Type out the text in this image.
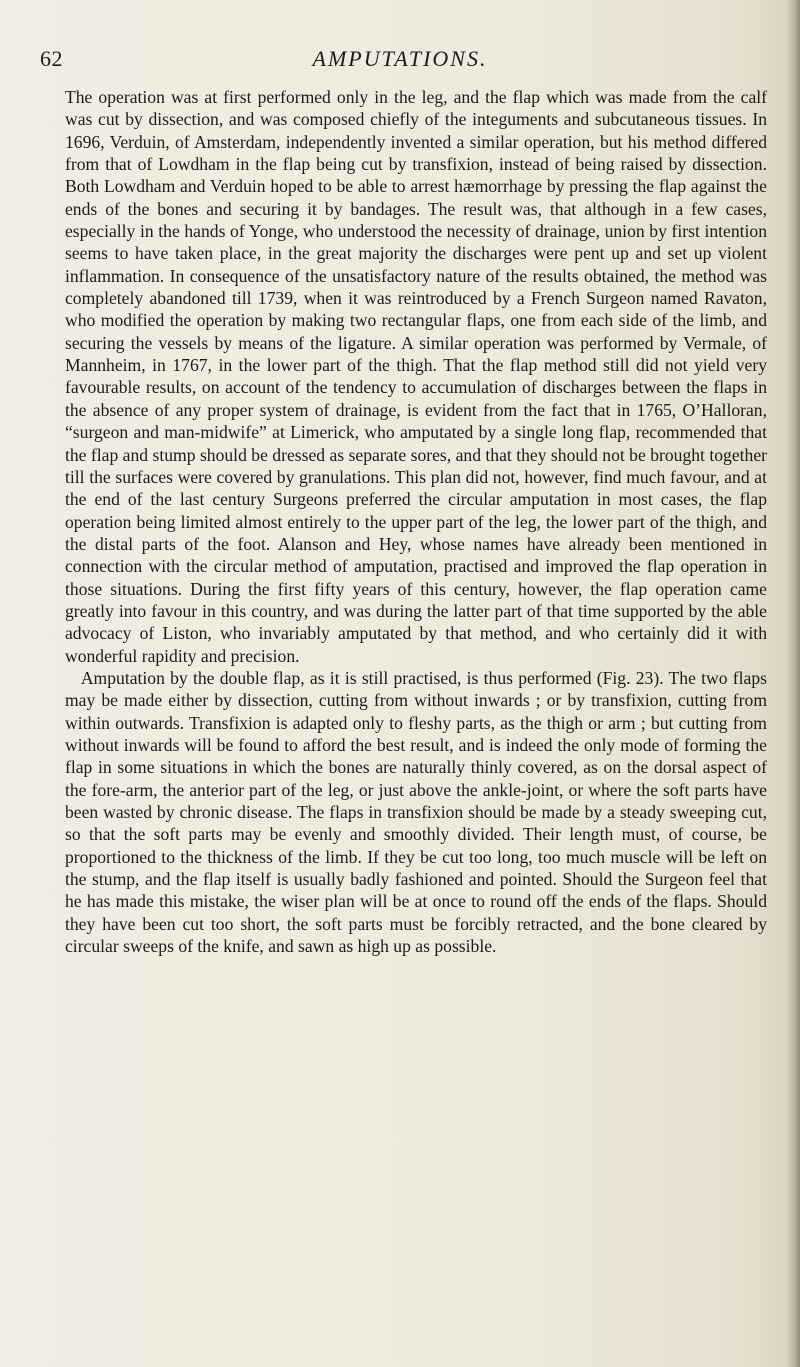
62	AMPUTATIONS.

The operation was at first performed only in the leg, and the flap which was made from the calf was cut by dissection, and was composed chiefly of the integuments and subcutaneous tissues. In 1696, Verduin, of Amsterdam, independently invented a similar operation, but his method differed from that of Lowdham in the flap being cut by transfixion, instead of being raised by dissection. Both Lowdham and Verduin hoped to be able to arrest hæmorrhage by pressing the flap against the ends of the bones and securing it by bandages. The result was, that although in a few cases, especially in the hands of Yonge, who understood the necessity of drainage, union by first intention seems to have taken place, in the great majority the discharges were pent up and set up violent inflammation. In consequence of the unsatisfactory nature of the results obtained, the method was completely abandoned till 1739, when it was reintroduced by a French Surgeon named Ravaton, who modified the operation by making two rectangular flaps, one from each side of the limb, and securing the vessels by means of the ligature. A similar operation was performed by Vermale, of Mannheim, in 1767, in the lower part of the thigh. That the flap method still did not yield very favourable results, on account of the tendency to accumulation of discharges between the flaps in the absence of any proper system of drainage, is evident from the fact that in 1765, O’Halloran, “surgeon and man-midwife” at Limerick, who amputated by a single long flap, recommended that the flap and stump should be dressed as separate sores, and that they should not be brought together till the surfaces were covered by granulations. This plan did not, however, find much favour, and at the end of the last century Surgeons preferred the circular amputation in most cases, the flap operation being limited almost entirely to the upper part of the leg, the lower part of the thigh, and the distal parts of the foot. Alanson and Hey, whose names have already been mentioned in connection with the circular method of amputation, practised and improved the flap operation in those situations. During the first fifty years of this century, however, the flap operation came greatly into favour in this country, and was during the latter part of that time supported by the able advocacy of Liston, who invariably amputated by that method, and who certainly did it with wonderful rapidity and precision.

Amputation by the double flap, as it is still practised, is thus performed (Fig. 23). The two flaps may be made either by dissection, cutting from without inwards ; or by transfixion, cutting from within outwards. Transfixion is adapted only to fleshy parts, as the thigh or arm ; but cutting from without inwards will be found to afford the best result, and is indeed the only mode of forming the flap in some situations in which the bones are naturally thinly covered, as on the dorsal aspect of the fore-arm, the anterior part of the leg, or just above the ankle-joint, or where the soft parts have been wasted by chronic disease. The flaps in transfixion should be made by a steady sweeping cut, so that the soft parts may be evenly and smoothly divided. Their length must, of course, be proportioned to the thickness of the limb. If they be cut too long, too much muscle will be left on the stump, and the flap itself is usually badly fashioned and pointed. Should the Surgeon feel that he has made this mistake, the wiser plan will be at once to round off the ends of the flaps. Should they have been cut too short, the soft parts must be forcibly retracted, and the bone cleared by circular sweeps of the knife, and sawn as high up as possible.
